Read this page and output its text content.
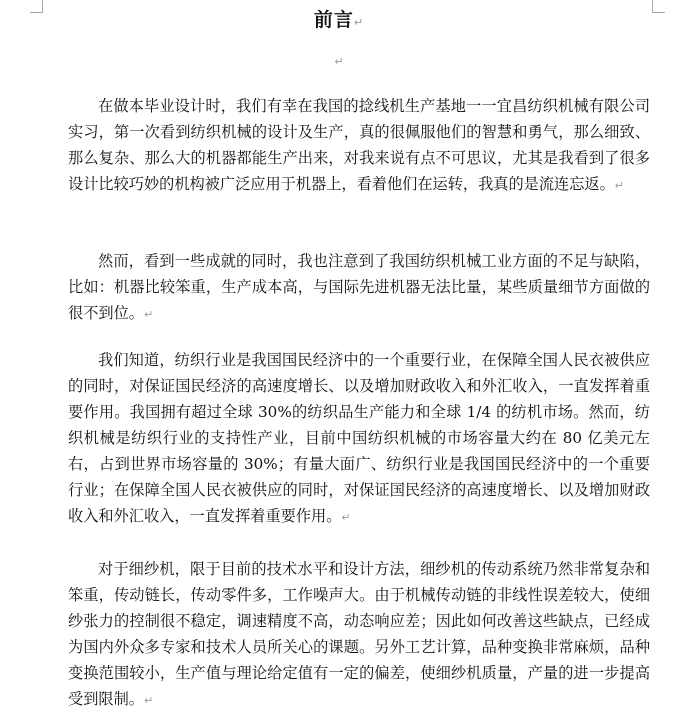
前言↵
↵

在做本毕业设计时，我们有幸在我国的捻线机生产基地一一宜昌纺织机械有限公司实习，第一次看到纺织机械的设计及生产，真的很佩服他们的智慧和勇气，那么细致、那么复杂、那么大的机器都能生产出来，对我来说有点不可思议，尤其是我看到了很多设计比较巧妙的机构被广泛应用于机器上，看着他们在运转，我真的是流连忘返。↵

然而，看到一些成就的同时，我也注意到了我国纺织机械工业方面的不足与缺陷，比如：机器比较笨重，生产成本高，与国际先进机器无法比量，某些质量细节方面做的很不到位。↵

我们知道，纺织行业是我国国民经济中的一个重要行业，在保障全国人民衣被供应的同时，对保证国民经济的高速度增长、以及增加财政收入和外汇收入，一直发挥着重要作用。我国拥有超过全球 30%的纺织品生产能力和全球 1/4 的纺机市场。然而，纺织机械是纺织行业的支持性产业，目前中国纺织机械的市场容量大约在 80 亿美元左右，占到世界市场容量的 30%；有量大面广、纺织行业是我国国民经济中的一个重要行业；在保障全国人民衣被供应的同时，对保证国民经济的高速度增长、以及增加财政收入和外汇收入，一直发挥着重要作用。↵

对于细纱机，限于目前的技术水平和设计方法，细纱机的传动系统乃然非常复杂和笨重，传动链长，传动零件多，工作噪声大。由于机械传动链的非线性误差较大，使细纱张力的控制很不稳定，调速精度不高，动态响应差；因此如何改善这些缺点，已经成为国内外众多专家和技术人员所关心的课题。另外工艺计算，品种变换非常麻烦，品种变换范围较小，生产值与理论给定值有一定的偏差，使细纱机质量，产量的进一步提高受到限制。↵
